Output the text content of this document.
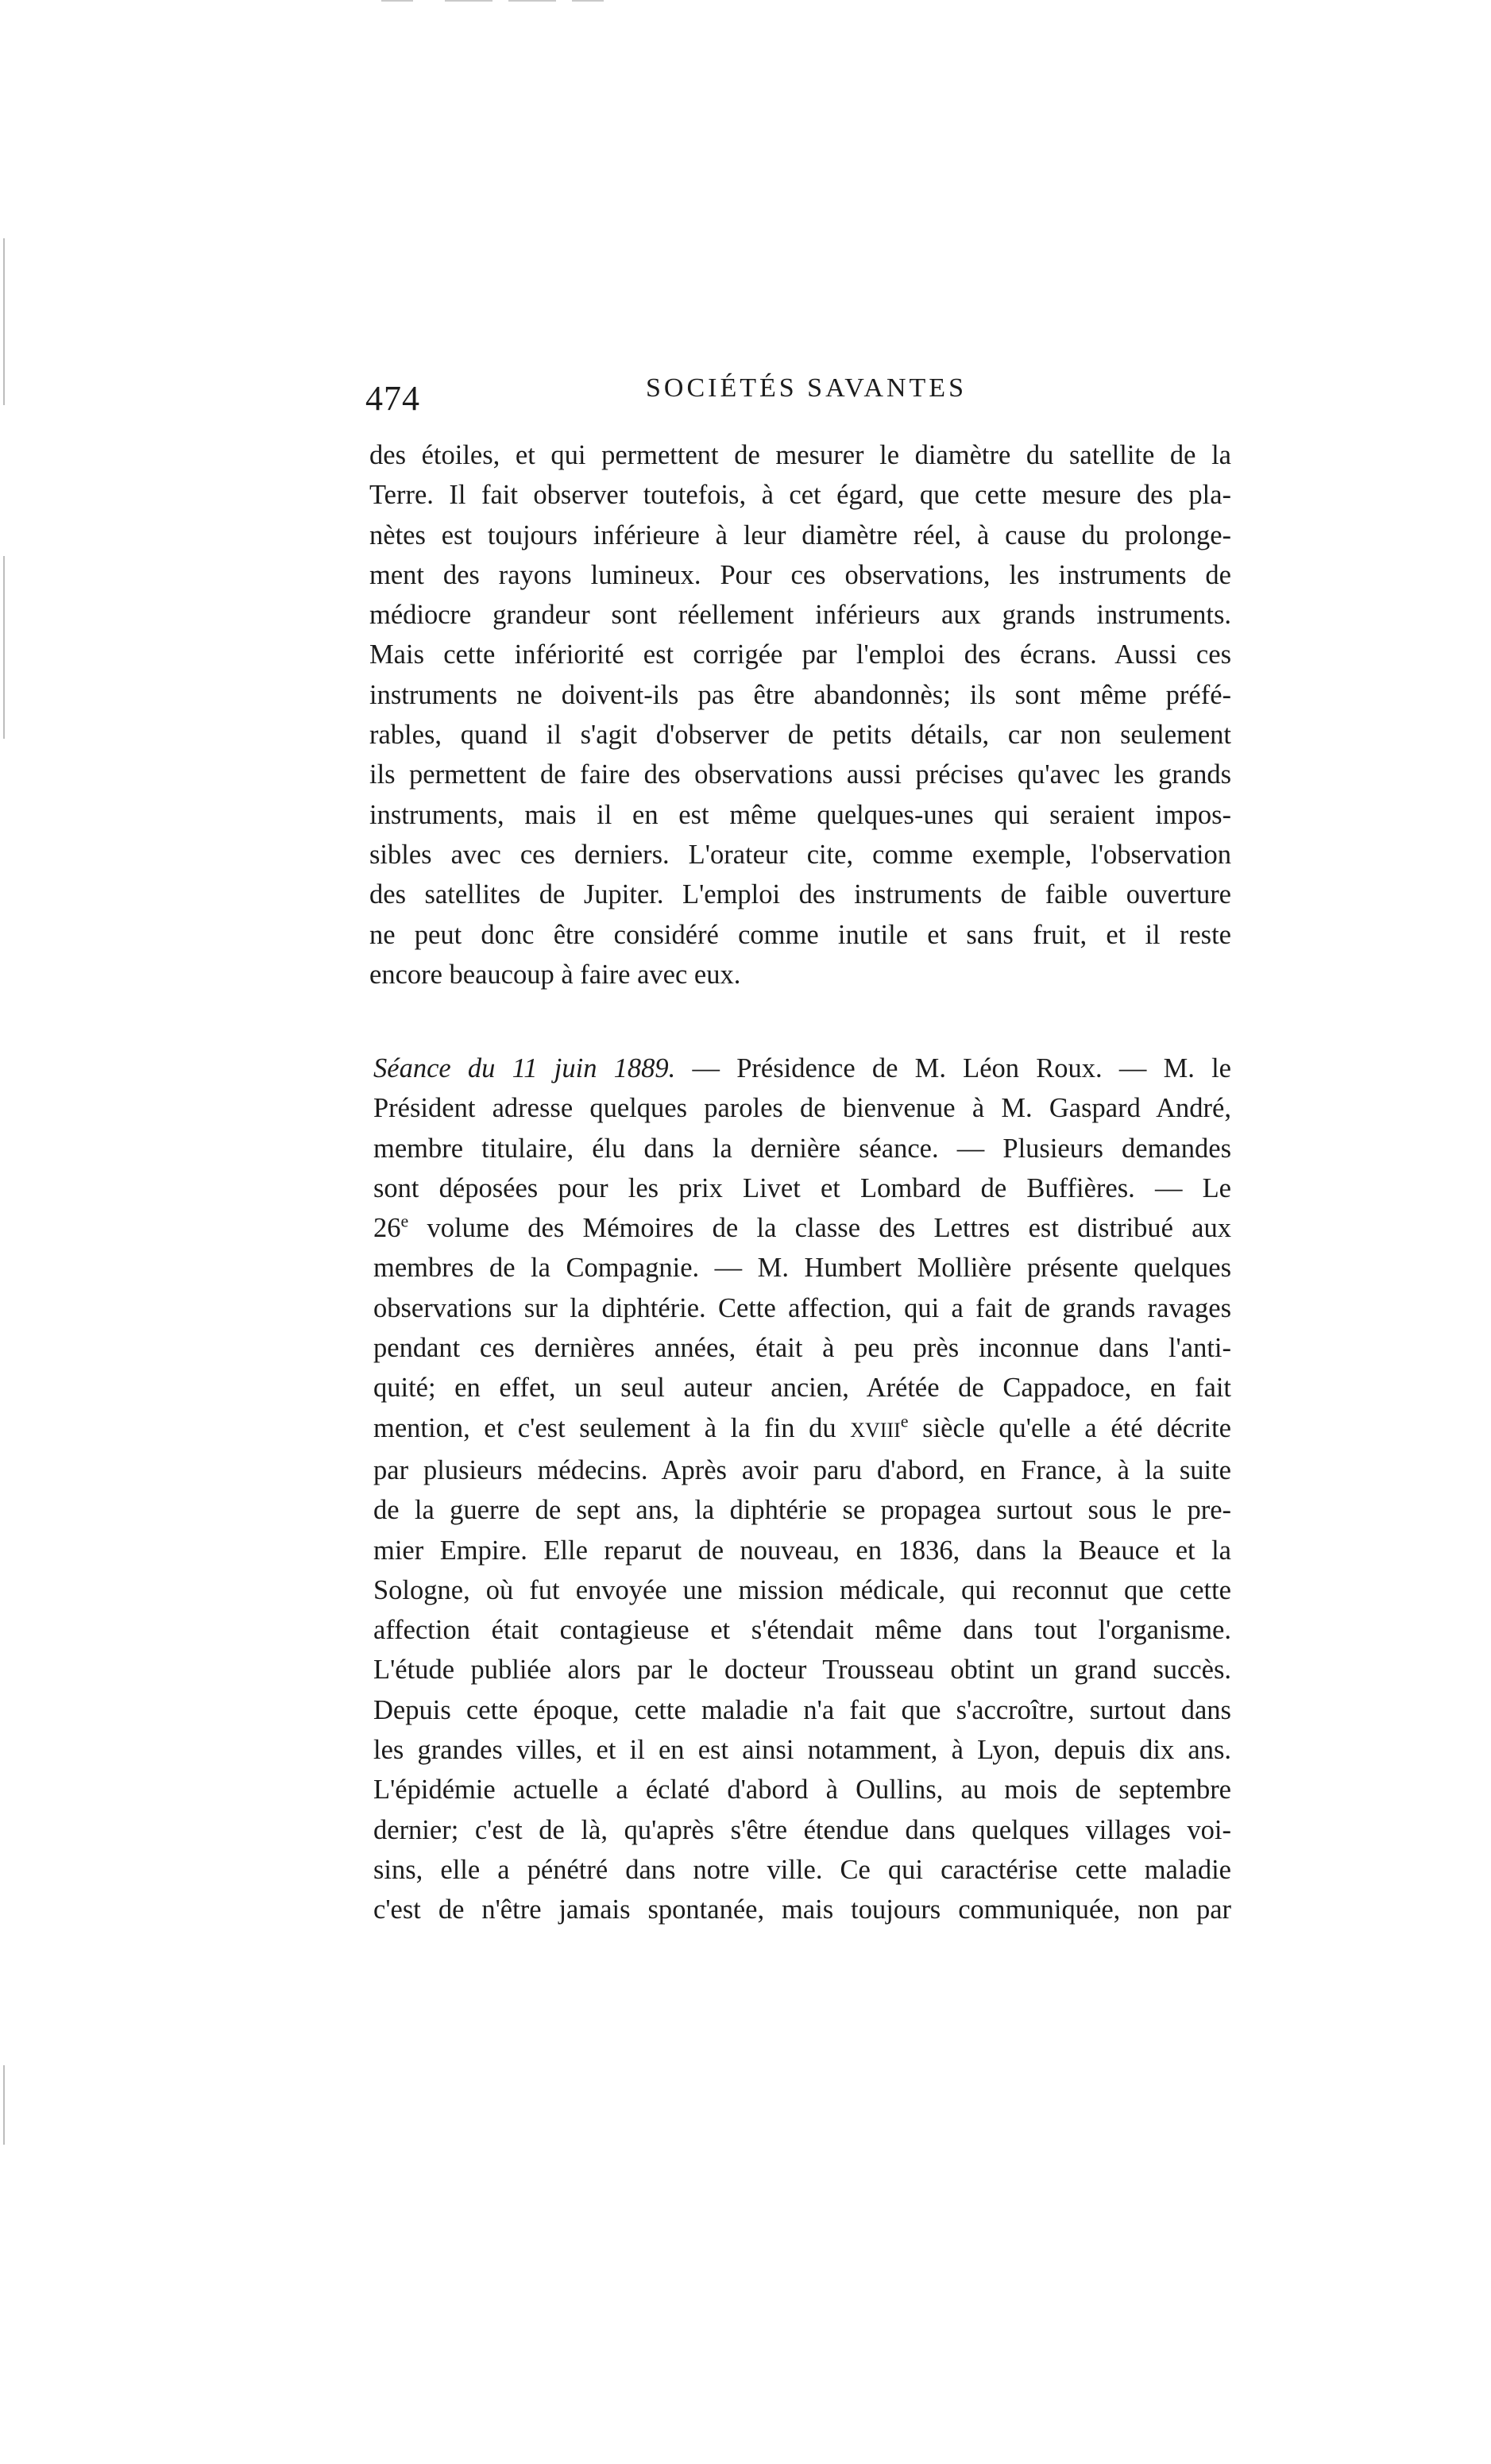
474	SOCIÉTÉS SAVANTES
des étoiles, et qui permettent de mesurer le diamètre du satellite de la
Terre. Il fait observer toutefois, à cet égard, que cette mesure des pla-
nètes est toujours inférieure à leur diamètre réel, à cause du prolonge-
ment des rayons lumineux. Pour ces observations, les instruments de
médiocre grandeur sont réellement inférieurs aux grands instruments.
Mais cette infériorité est corrigée par l'emploi des écrans. Aussi ces
instruments ne doivent-ils pas être abandonnès; ils sont même préfé-
rables, quand il s'agit d'observer de petits détails, car non seulement
ils permettent de faire des observations aussi précises qu'avec les grands
instruments, mais il en est même quelques-unes qui seraient impos-
sibles avec ces derniers. L'orateur cite, comme exemple, l'observation
des satellites de Jupiter. L'emploi des instruments de faible ouverture
ne peut donc être considéré comme inutile et sans fruit, et il reste
encore beaucoup à faire avec eux.
Séance du 11 juin 1889. — Présidence de M. Léon Roux. — M. le
Président adresse quelques paroles de bienvenue à M. Gaspard André,
membre titulaire, élu dans la dernière séance. — Plusieurs demandes
sont déposées pour les prix Livet et Lombard de Buffières. — Le
26e volume des Mémoires de la classe des Lettres est distribué aux
membres de la Compagnie. — M. Humbert Mollière présente quelques
observations sur la diphtérie. Cette affection, qui a fait de grands ravages
pendant ces dernières années, était à peu près inconnue dans l'anti-
quité; en effet, un seul auteur ancien, Arétée de Cappadoce, en fait
mention, et c'est seulement à la fin du XVIIIe siècle qu'elle a été décrite
par plusieurs médecins. Après avoir paru d'abord, en France, à la suite
de la guerre de sept ans, la diphtérie se propagea surtout sous le pre-
mier Empire. Elle reparut de nouveau, en 1836, dans la Beauce et la
Sologne, où fut envoyée une mission médicale, qui reconnut que cette
affection était contagieuse et s'étendait même dans tout l'organisme.
L'étude publiée alors par le docteur Trousseau obtint un grand succès.
Depuis cette époque, cette maladie n'a fait que s'accroître, surtout dans
les grandes villes, et il en est ainsi notamment, à Lyon, depuis dix ans.
L'épidémie actuelle a éclaté d'abord à Oullins, au mois de septembre
dernier; c'est de là, qu'après s'être étendue dans quelques villages voi-
sins, elle a pénétré dans notre ville. Ce qui caractérise cette maladie
c'est de n'être jamais spontanée, mais toujours communiquée, non par
